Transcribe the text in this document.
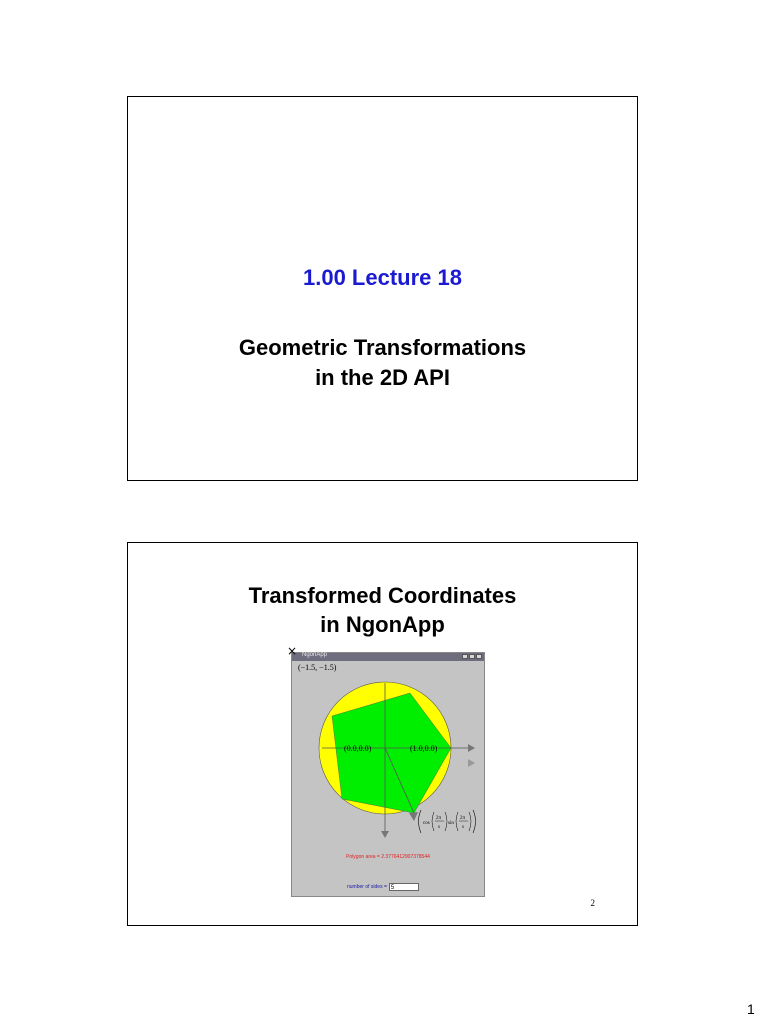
1.00 Lecture 18
Geometric Transformations
in the 2D API
Transformed Coordinates
in NgonApp
NgonApp
×
(−1.5, −1.5)
(0.0,0.0)	(1.0,0.0)
cos
2π
s
sin
2π
s
Polygon area = 2.3776412907378544
number of sides = 5
2
1
